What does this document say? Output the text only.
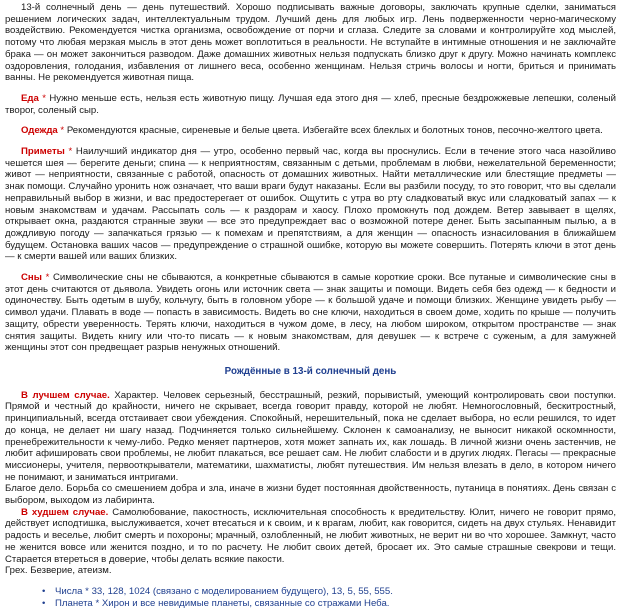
13-й солнечный день — день путешествий. Хорошо подписывать важные договоры, заключать крупные сделки, заниматься решением логических задач, интеллектуальным трудом. Лучший день для любых игр. Лень подверженности черно-магическому воздействию. Рекомендуется чистка организма, освобождение от порчи и сглаза. Следите за словами и контролируйте ход мыслей, потому что любая мерзкая мысль в этот день может воплотиться в реальности. Не вступайте в интимные отношения и не заключайте брака — он может закончиться разводом. Даже домашних животных нельзя подпускать близко друг к другу. Можно начинать комплекс оздоровления, голодания, избавления от лишнего веса, особенно женщинам. Нельзя стричь волосы и ногти, бриться и принимать ванны. Не рекомендуется животная пища.

Еда * Нужно меньше есть, нельзя есть животную пищу. Лучшая еда этого дня — хлеб, пресные бездрожжевые лепешки, соленый творог, соленый сыр.

Одежда * Рекомендуются красные, сиреневые и белые цвета. Избегайте всех блеклых и болотных тонов, песочно-желтого цвета.

Приметы * Наилучший индикатор дня — утро, особенно первый час, когда вы проснулись. Если в течение этого часа назойливо чешется шея — берегите деньги; спина — к неприятностям, связанным с детьми, проблемам в любви, нежелательной беременности; живот — неприятности, связанные с работой, опасность от домашних животных. Найти металлические или блестящие предметы — знак помощи. Случайно уронить нож означает, что ваши враги будут наказаны. Если вы разбили посуду, то это говорит, что вы сделали неправильный выбор в жизни, и вас предостерегает от ошибок. Ощутить с утра во рту сладковатый вкус или сладковатый запах — к новым знакомствам и удачам. Рассыпать соль — к раздорам и хаосу. Плохо промокнуть под дождем. Ветер завывает в щелях, открывает окна, раздаются странные звуки — все это предупреждает вас о возможной потере денег. Быть засыпанным пылью, а в дождливую погоду — запачкаться грязью — к помехам и препятствиям, а для женщин — опасность изнасилования в ближайшем будущем. Остановка ваших часов — предупреждение о страшной ошибке, которую вы можете совершить. Потерять ключи в этот день — к смерти вашей или ваших близких.

Сны * Символические сны не сбываются, а конкретные сбываются в самые короткие сроки. Все путаные и символические сны в этот день считаются от дьявола. Увидеть огонь или источник света — знак защиты и помощи. Видеть себя без одежд — к бедности и одиночеству. Быть одетым в шубу, кольчугу, быть в головном уборе — к большой удаче и помощи близких. Женщине увидеть рыбу — символ удачи. Плавать в воде — попасть в зависимость. Видеть во сне ключи, находиться в своем доме, ходить по крыше — получить защиту, обрести уверенность. Терять ключи, находиться в чужом доме, в лесу, на любом широком, открытом пространстве — знак снятия защиты. Видеть книгу или что-то писать — к новым знакомствам, для девушек — к встрече с суженым, а для замужней женщины этот сон предвещает разрыв ненужных отношений.

Рождённые в 13-й солнечный день

В лучшем случае. Характер. Человек серьезный, бесстрашный, резкий, порывистый, умеющий контролировать свои поступки. Прямой и честный до крайности, ничего не скрывает, всегда говорит правду, которой не любят. Немногословный, бескитростный, принципиальный, всегда отстаивает свои убеждения. Спокойный, нерешительный, пока не сделает выбора, но если решился, то идет до конца, не делает ни шагу назад. Подчиняется только сильнейшему. Склонен к самоанализу, не выносит никакой оскомнности, пренебрежительности к чему-либо. Редко меняет партнеров, хотя может запнать их, как лошадь. В личной жизни очень застенчив, не любит афишировать свои проблемы, не любит плакаться, все решает сам. Не любит слабости и в других людях. Пегасы — прекрасные миссионеры, учителя, первооткрыватели, математики, шахматисты, любят путешествия. Им нельзя влезать в дело, в котором ничего не понимают, и заниматься интригами.

Благое дело. Борьба со смешением добра и зла, иначе в жизни будет постоянная двойственность, путаница в понятиях. День связан с выбором, выходом из лабиринта.

В худшем случае. Самолюбование, пакостность, исключительная способность к вредительству. Юлит, ничего не говорит прямо, действует исподтишка, выслуживается, хочет втесаться и к своим, и к врагам, любит, как говорится, сидеть на двух стульях. Ненавидит радость и веселье, любит смерть и похороны; мрачный, озлобленный, не любит животных, не верит ни во что хорошее. Замкнут, часто не женится вовсе или женится поздно, и то по расчету. Не любит своих детей, бросает их. Это самые страшные свекрови и тещи. Старается втереться в доверие, чтобы делать всякие пакости.

Грех. Безверие, атеизм.

• Числа * 33, 128, 1024 (связано с моделированием будущего), 13, 5, 55, 555.
• Планета * Хирон и все невидимые планеты, связанные со стражами Неба.
